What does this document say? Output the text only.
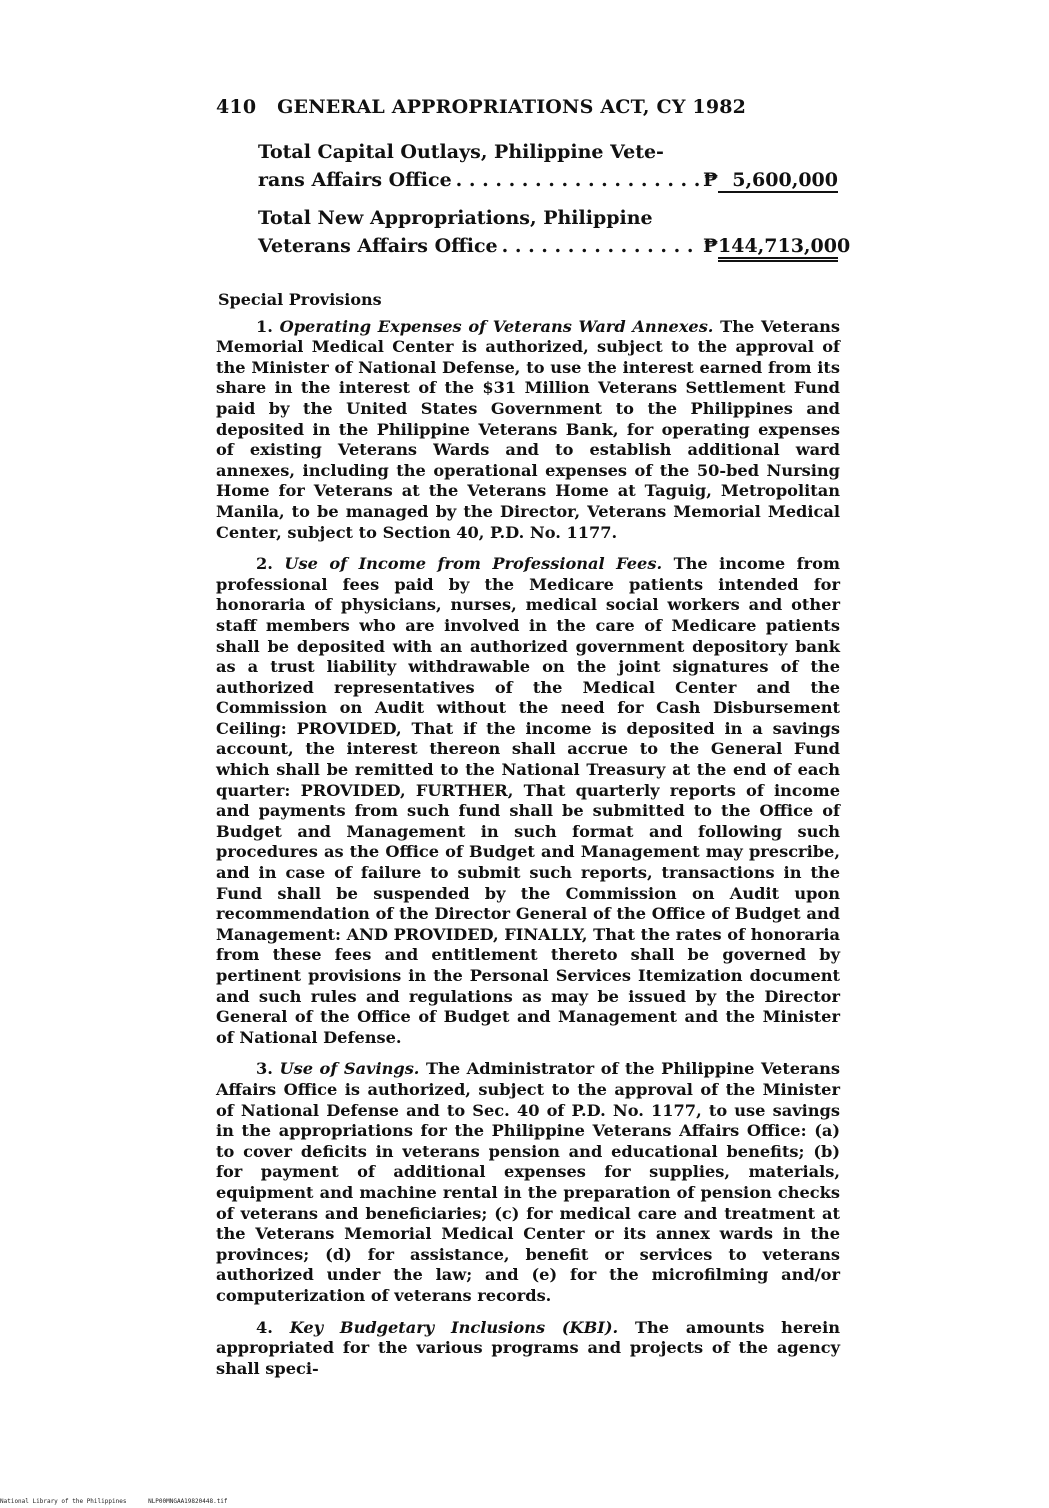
410 GENERAL APPROPRIATIONS ACT, CY 1982
Total Capital Outlays, Philippine Vete-
rans Affairs Office . . .	₱ 5,600,000
Total New Appropriations, Philippine
Veterans Affairs Office . . .	₱ 144,713,000
Special Provisions

1. Operating Expenses of Veterans Ward Annexes. The Veterans Memorial Medical Center is authorized, subject to the approval of the Minister of National Defense, to use the interest earned from its share in the interest of the $31 Million Veterans Settlement Fund paid by the United States Government to the Philippines and deposited in the Philippine Veterans Bank, for operating expenses of existing Veterans Wards and to establish additional ward annexes, including the operational expenses of the 50-bed Nursing Home for Veterans at the Veterans Home at Taguig, Metropolitan Manila, to be managed by the Director, Veterans Memorial Medical Center, subject to Section 40, P.D. No. 1177.

2. Use of Income from Professional Fees. The income from professional fees paid by the Medicare patients intended for honoraria of physicians, nurses, medical social workers and other staff members who are involved in the care of Medicare patients shall be deposited with an authorized government depository bank as a trust liability withdrawable on the joint signatures of the authorized representatives of the Medical Center and the Commission on Audit without the need for Cash Disbursement Ceiling: PROVIDED, That if the income is deposited in a savings account, the interest thereon shall accrue to the General Fund which shall be remitted to the National Treasury at the end of each quarter: PROVIDED, FURTHER, That quarterly reports of income and payments from such fund shall be submitted to the Office of Budget and Management in such format and following such procedures as the Office of Budget and Management may prescribe, and in case of failure to submit such reports, transactions in the Fund shall be suspended by the Commission on Audit upon recommendation of the Director General of the Office of Budget and Management: AND PROVIDED, FINALLY, That the rates of honoraria from these fees and entitlement thereto shall be governed by pertinent provisions in the Personal Services Itemization document and such rules and regulations as may be issued by the Director General of the Office of Budget and Management and the Minister of National Defense.

3. Use of Savings. The Administrator of the Philippine Veterans Affairs Office is authorized, subject to the approval of the Minister of National Defense and to Sec. 40 of P.D. No. 1177, to use savings in the appropriations for the Philippine Veterans Affairs Office: (a) to cover deficits in veterans pension and educational benefits; (b) for payment of additional expenses for supplies, materials, equipment and machine rental in the preparation of pension checks of veterans and beneficiaries; (c) for medical care and treatment at the Veterans Memorial Medical Center or its annex wards in the provinces; (d) for assistance, benefit or services to veterans authorized under the law; and (e) for the microfilming and/or computerization of veterans records.

4. Key Budgetary Inclusions (KBI). The amounts herein appropriated for the various programs and projects of the agency shall speci-

National Library of the Philippines	NLP00MNGAA19820448.tif
